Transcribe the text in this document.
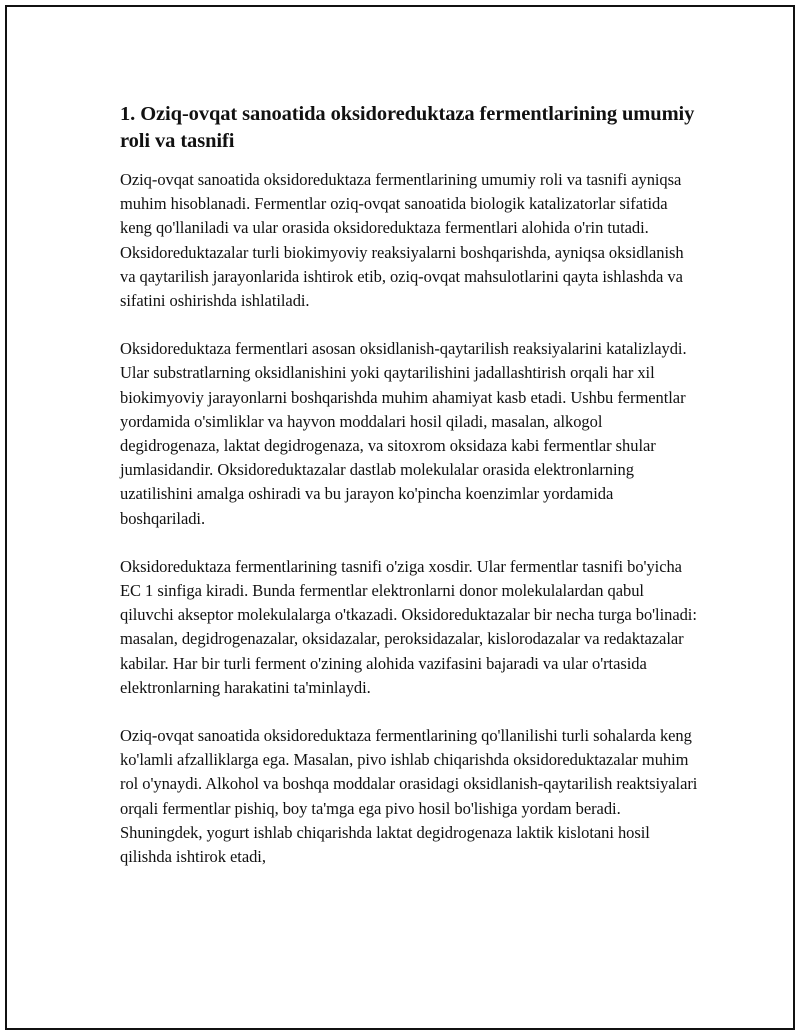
1. Oziq-ovqat sanoatida oksidoreduktaza fermentlarining umumiy roli va tasnifi

Oziq-ovqat sanoatida oksidoreduktaza fermentlarining umumiy roli va tasnifi ayniqsa muhim hisoblanadi. Fermentlar oziq-ovqat sanoatida biologik katalizatorlar sifatida keng qo'llaniladi va ular orasida oksidoreduktaza fermentlari alohida o'rin tutadi. Oksidoreduktazalar turli biokimyoviy reaksiyalarni boshqarishda, ayniqsa oksidlanish va qaytarilish jarayonlarida ishtirok etib, oziq-ovqat mahsulotlarini qayta ishlashda va sifatini oshirishda ishlatiladi.

Oksidoreduktaza fermentlari asosan oksidlanish-qaytarilish reaksiyalarini katalizlaydi. Ular substratlarning oksidlanishini yoki qaytarilishini jadallashtirish orqali har xil biokimyoviy jarayonlarni boshqarishda muhim ahamiyat kasb etadi. Ushbu fermentlar yordamida o'simliklar va hayvon moddalari hosil qiladi, masalan, alkogol degidrogenaza, laktat degidrogenaza, va sitoxrom oksidaza kabi fermentlar shular jumlasidandir. Oksidoreduktazalar dastlab molekulalar orasida elektronlarning uzatilishini amalga oshiradi va bu jarayon ko'pincha koenzimlar yordamida boshqariladi.

Oksidoreduktaza fermentlarining tasnifi o'ziga xosdir. Ular fermentlar tasnifi bo'yicha EC 1 sinfiga kiradi. Bunda fermentlar elektronlarni donor molekulalardan qabul qiluvchi akseptor molekulalarga o'tkazadi. Oksidoreduktazalar bir necha turga bo'linadi: masalan, degidrogenazalar, oksidazalar, peroksidazalar, kislorodazalar va redaktazalar kabilar. Har bir turli ferment o'zining alohida vazifasini bajaradi va ular o'rtasida elektronlarning harakatini ta'minlaydi.

Oziq-ovqat sanoatida oksidoreduktaza fermentlarining qo'llanilishi turli sohalarda keng ko'lamli afzalliklarga ega. Masalan, pivo ishlab chiqarishda oksidoreduktazalar muhim rol o'ynaydi. Alkohol va boshqa moddalar orasidagi oksidlanish-qaytarilish reaktsiyalari orqali fermentlar pishiq, boy ta'mga ega pivo hosil bo'lishiga yordam beradi. Shuningdek, yogurt ishlab chiqarishda laktat degidrogenaza laktik kislotani hosil qilishda ishtirok etadi,
